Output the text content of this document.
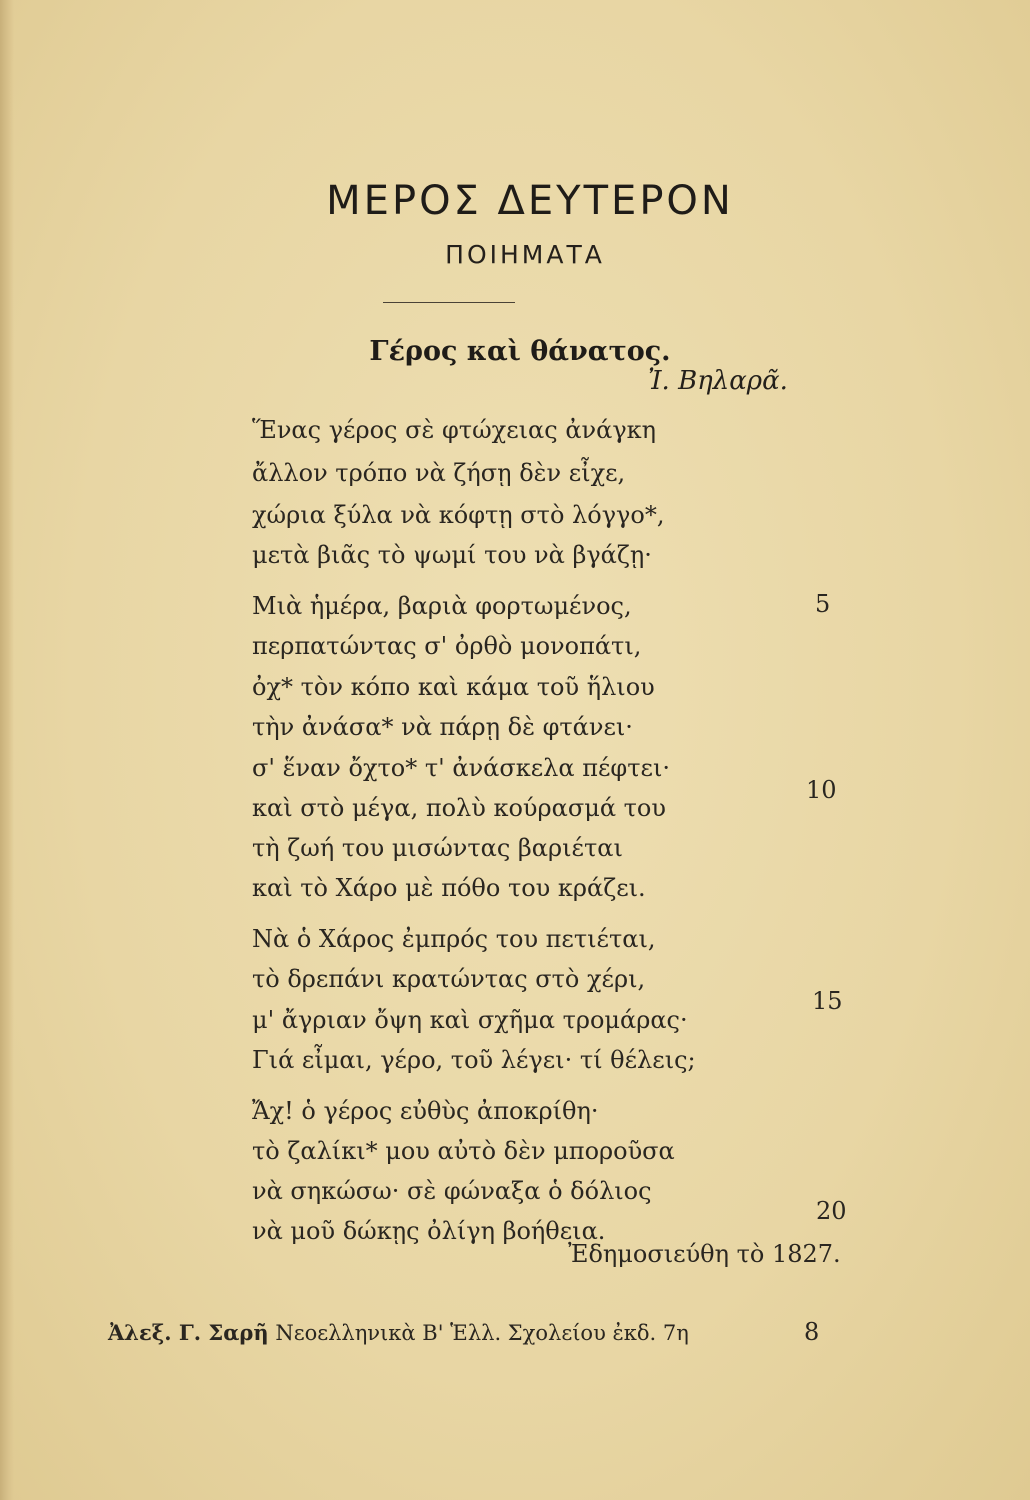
ΜΕΡΟΣ ΔΕΥΤΕΡΟΝ
ΠΟΙΗΜΑΤΑ
Γέρος καὶ θάνατος.
Ἰ. Βηλαρᾶ.
Ἕνας γέρος σὲ φτώχειας ἀνάγκη
ἄλλον τρόπο νὰ ζήσῃ δὲν εἶχε,
χώρια ξύλα νὰ κόφτῃ στὸ λόγγο*,
μετὰ βιᾶς τὸ ψωμί του νὰ βγάζῃ·
Μιὰ ἡμέρα, βαριὰ φορτωμένος,
περπατώντας σ' ὀρθὸ μονοπάτι,
ὀχ* τὸν κόπο καὶ κάμα τοῦ ἥλιου
τὴν ἀνάσα* νὰ πάρῃ δὲ φτάνει·
σ' ἕναν ὄχτο* τ' ἀνάσκελα πέφτει·
καὶ στὸ μέγα, πολὺ κούρασμά του
τὴ ζωή του μισώντας βαριέται
καὶ τὸ Χάρο μὲ πόθο του κράζει.
Νὰ ὁ Χάρος ἐμπρός του πετιέται,
τὸ δρεπάνι κρατώντας στὸ χέρι,
μ' ἄγριαν ὄψη καὶ σχῆμα τρομάρας·
Γιά εἶμαι, γέρο, τοῦ λέγει· τί θέλεις;
Ἄχ! ὁ γέρος εὐθὺς ἀποκρίθη·
τὸ ζαλίκι* μου αὐτὸ δὲν μποροῦσα
νὰ σηκώσω· σὲ φώναξα ὁ δόλιος
νὰ μοῦ δώκῃς ὀλίγη βοήθεια.
5
10
15
20
Ἐδημοσιεύθη τὸ 1827.
Ἀλεξ. Γ. Σαρῆ Νεοελληνικὰ Β' Ἑλλ. Σχολείου ἐκδ. 7η	8
